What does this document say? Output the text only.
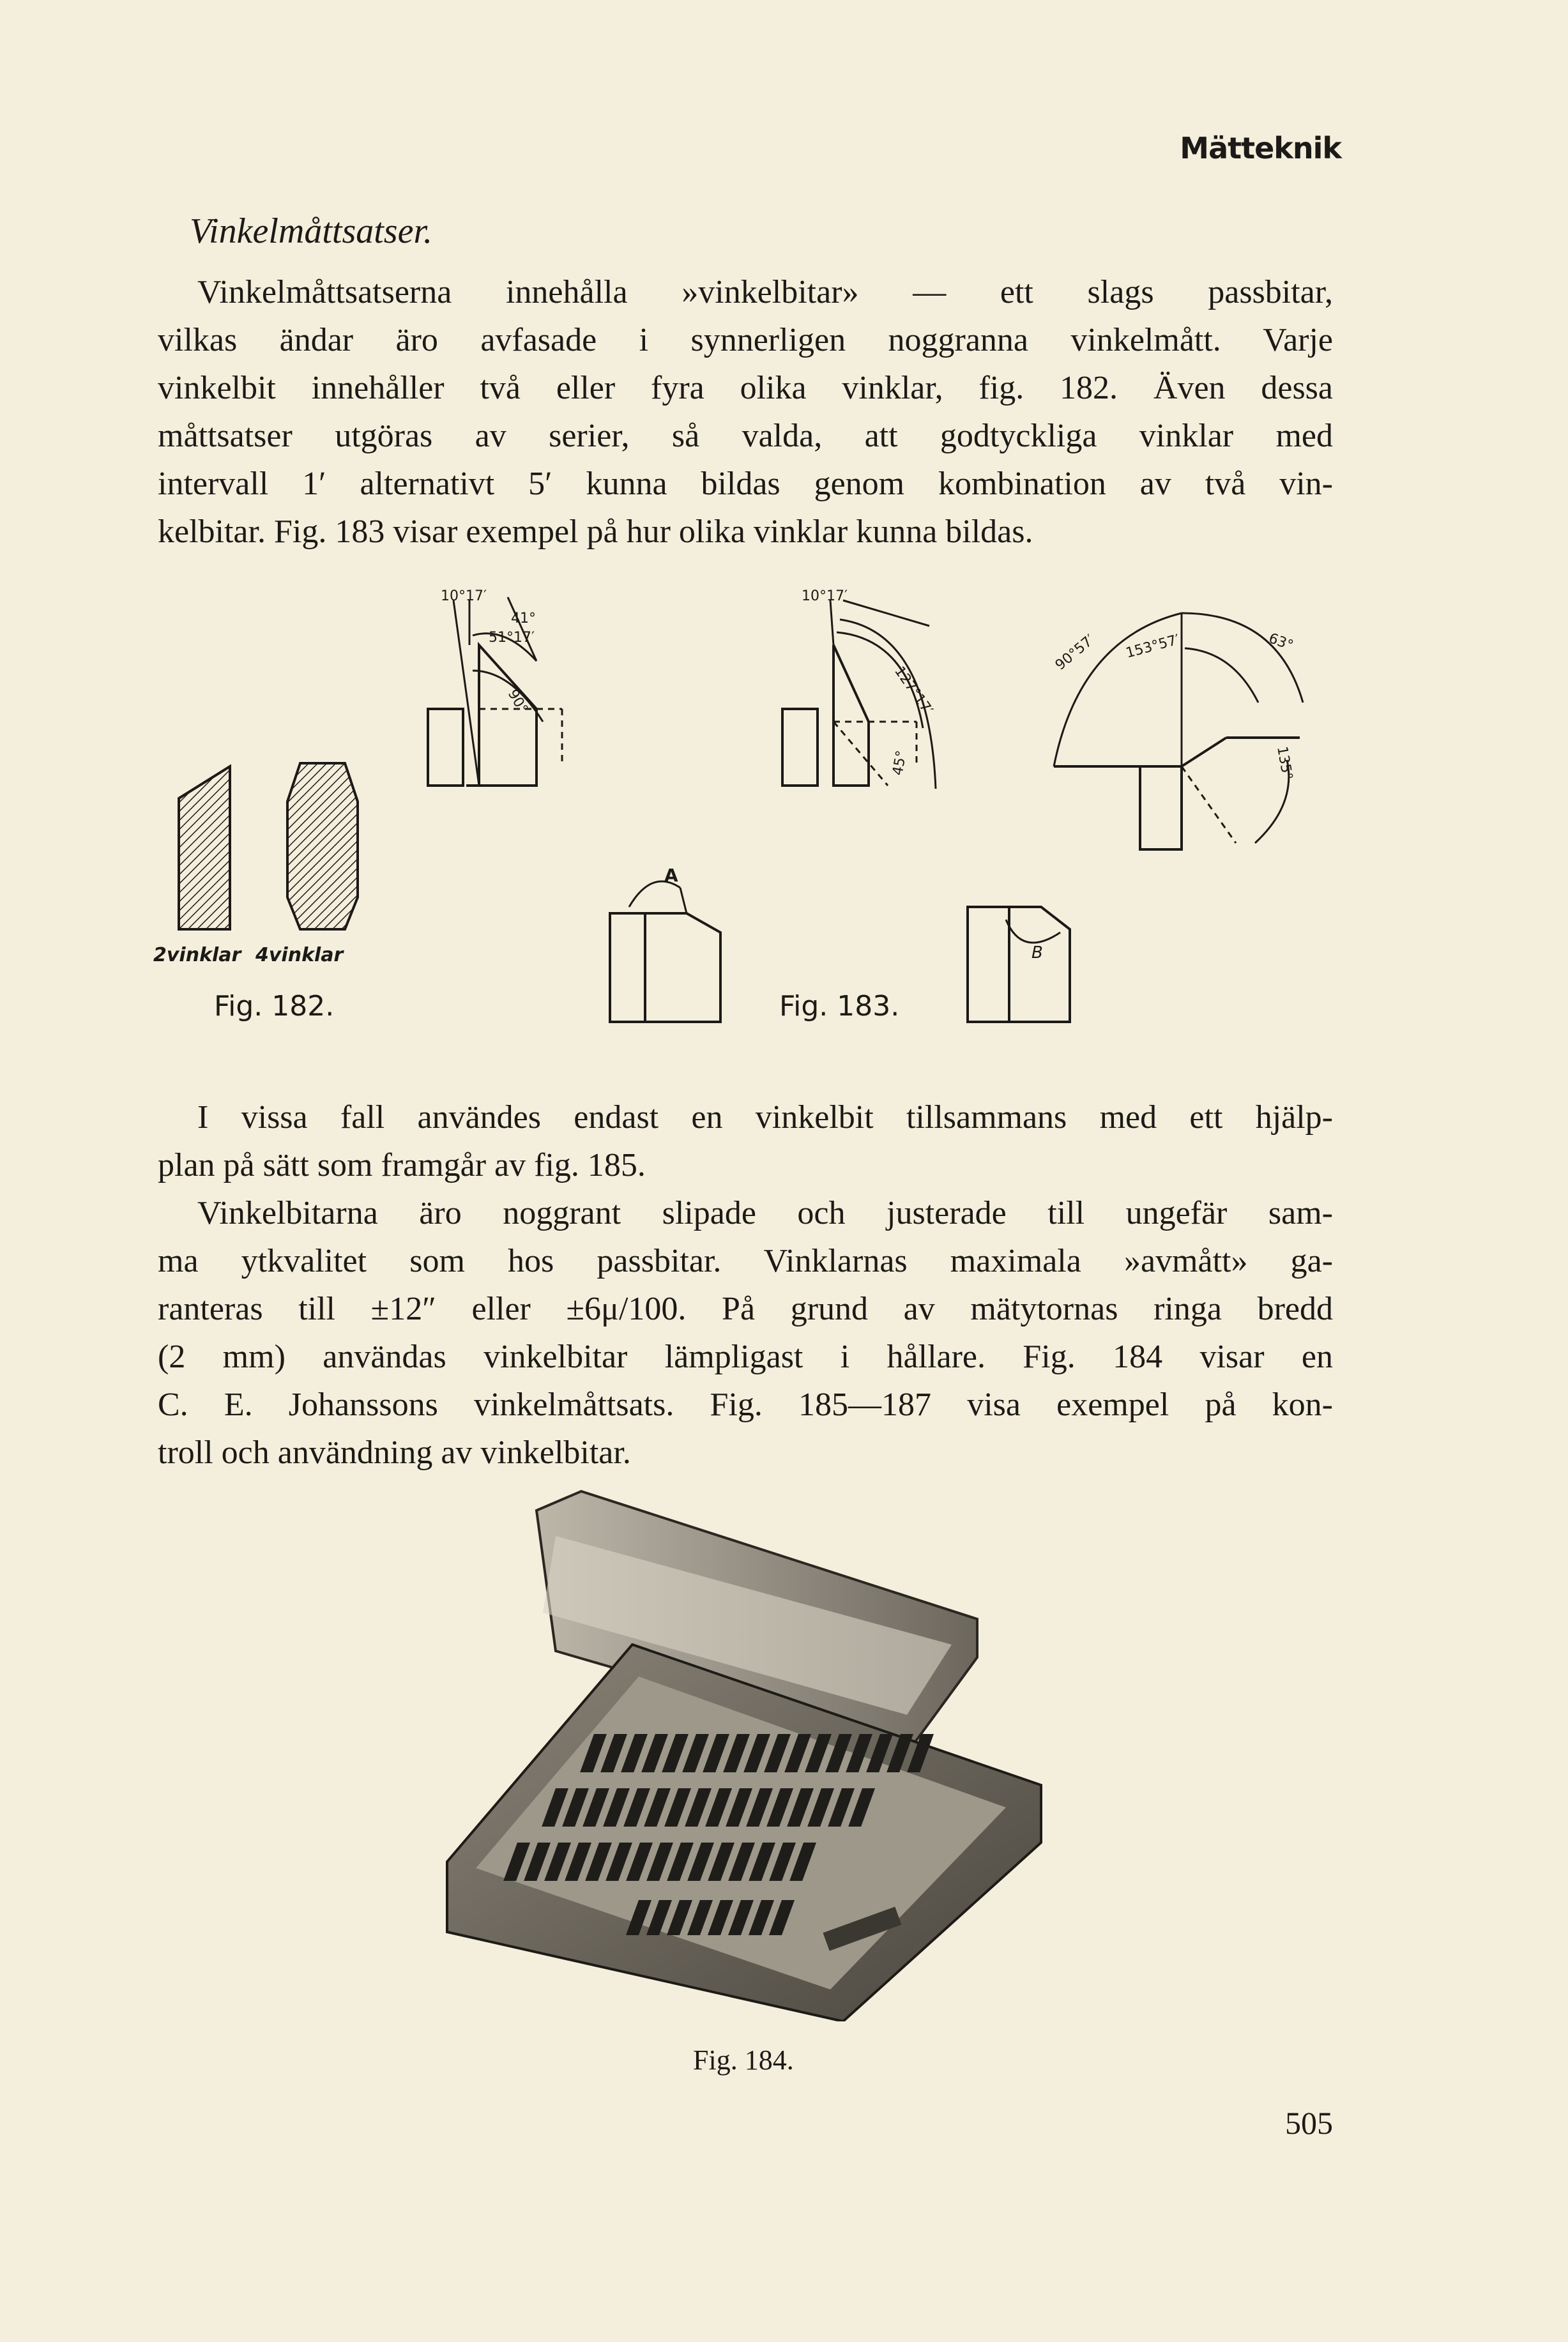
Mätteknik
Vinkelmåttsatser.
Vinkelmåttsatserna innehålla »vinkelbitar» — ett slags passbitar,
vilkas ändar äro avfasade i synnerligen noggranna vinkelmått. Varje
vinkelbit innehåller två eller fyra olika vinklar, fig. 182. Även dessa
måttsatser utgöras av serier, så valda, att godtyckliga vinklar med
intervall 1′ alternativt 5′ kunna bildas genom kombination av två vin-
kelbitar. Fig. 183 visar exempel på hur olika vinklar kunna bildas.
2vinklar 4vinklar
Fig. 182.
10°17′
41°
51°17′
90°
10°17′
127°17′
45°
90°57′ 153°57′	63°
135°
A
B
Fig. 183.
I vissa fall användes endast en vinkelbit tillsammans med ett hjälp-
plan på sätt som framgår av fig. 185.
Vinkelbitarna äro noggrant slipade och justerade till ungefär sam-
ma ytkvalitet som hos passbitar. Vinklarnas maximala »avmått» ga-
ranteras till ±12″ eller ±6μ/100. På grund av mätytornas ringa bredd
(2 mm) användas vinkelbitar lämpligast i hållare. Fig. 184 visar en
C. E. Johanssons vinkelmåttsats. Fig. 185—187 visa exempel på kon-
troll och användning av vinkelbitar.
Fig. 184.
505
